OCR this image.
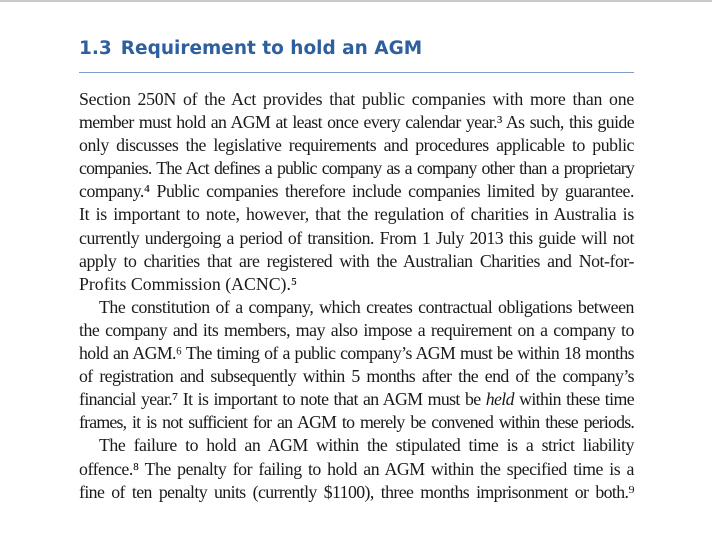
1.3 Requirement to hold an AGM
Section 250N of the Act provides that public companies with more than one
member must hold an AGM at least once every calendar year.³ As such, this guide
only discusses the legislative requirements and procedures applicable to public
companies. The Act defines a public company as a company other than a proprietary
company.⁴ Public companies therefore include companies limited by guarantee.
It is important to note, however, that the regulation of charities in Australia is
currently undergoing a period of transition. From 1 July 2013 this guide will not
apply to charities that are registered with the Australian Charities and Not-for-
Profits Commission (ACNC).⁵
The constitution of a company, which creates contractual obligations between
the company and its members, may also impose a requirement on a company to
hold an AGM.⁶ The timing of a public company’s AGM must be within 18 months
of registration and subsequently within 5 months after the end of the company’s
financial year.⁷ It is important to note that an AGM must be held within these time
frames, it is not sufficient for an AGM to merely be convened within these periods.
The failure to hold an AGM within the stipulated time is a strict liability
offence.⁸ The penalty for failing to hold an AGM within the specified time is a
fine of ten penalty units (currently $1100), three months imprisonment or both.⁹
